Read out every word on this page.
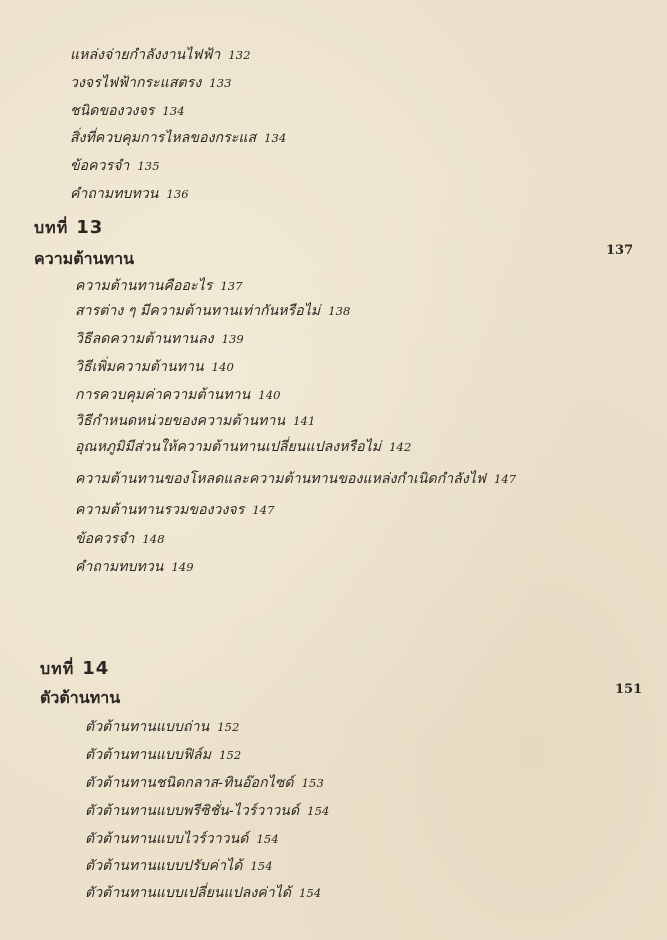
แหล่งจ่ายกำลังงานไฟฟ้า 132
วงจรไฟฟ้ากระแสตรง 133
ชนิดของวงจร 134
สิ่งที่ควบคุมการไหลของกระแส 134
ข้อควรจำ 135
คำถามทบทวน 136
บทที่ 13
ความต้านทาน	137
ความต้านทานคืออะไร 137
สารต่าง ๆ มีความต้านทานเท่ากันหรือไม่ 138
วิธีลดความต้านทานลง 139
วิธีเพิ่มความต้านทาน 140
การควบคุมค่าความต้านทาน 140
วิธีกำหนดหน่วยของความต้านทาน 141
อุณหภูมิมีส่วนให้ความต้านทานเปลี่ยนแปลงหรือไม่ 142
ความต้านทานของโหลดและความต้านทานของแหล่งกำเนิดกำลังไฟ 147
ความต้านทานรวมของวงจร 147
ข้อควรจำ 148
คำถามทบทวน 149
บทที่ 14
ตัวต้านทาน	151
ตัวต้านทานแบบถ่าน 152
ตัวต้านทานแบบฟิล์ม 152
ตัวต้านทานชนิดกลาส-ทินอ๊อกไซด์ 153
ตัวต้านทานแบบพรีซิชั่น-ไวร์วาวนด์ 154
ตัวต้านทานแบบไวร์วาวนด์ 154
ตัวต้านทานแบบปรับค่าได้ 154
ตัวต้านทานแบบเปลี่ยนแปลงค่าได้ 154
